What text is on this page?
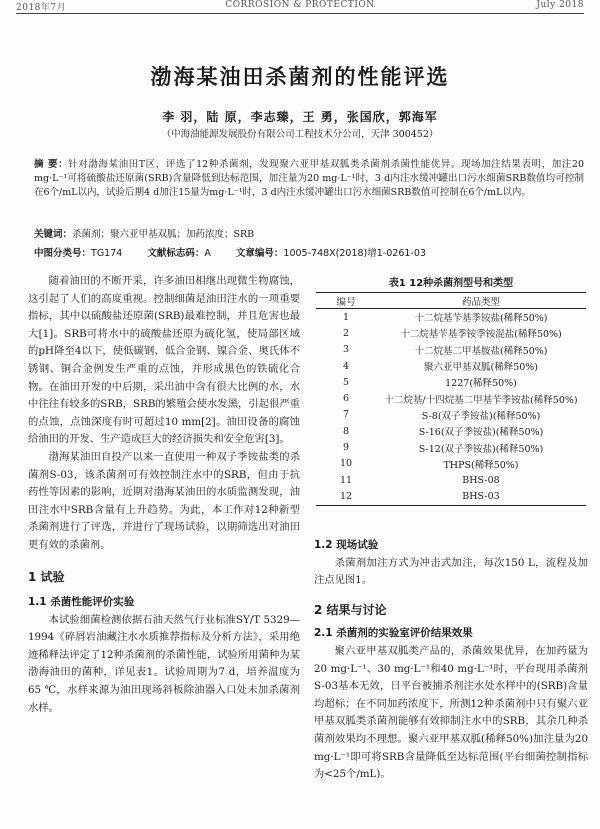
2018年7月	CORROSION & PROTECTION	July 2018
渤海某油田杀菌剂的性能评选
李 羽，陆 原，李志臻，王 勇，张国欣，郭海军
（中海油能源发展股份有限公司工程技术分公司，天津 300452）
摘 要：针对渤海某油田T区，评选了12种杀菌剂，发现聚六亚甲基双胍类杀菌剂杀菌性能优异。现场加注结果表明，加注20 mg·L⁻¹可将硫酸盐还原菌(SRB)含量降低到达标范围，加注量为20 mg·L⁻¹时，3 d内注水缓冲罐出口污水细菌SRB数值均可控制在6个/mL以内，试验后期4 d加注15量为mg·L⁻¹时，3 d内注水缓冲罐出口污水细菌SRB数值可控制在6个/mL以内。
关键词：杀菌剂；聚六亚甲基双胍；加药浓度；SRB
中图分类号：TG174	文献标志码：A	文章编号：1005-748X(2018)增1-0261-03

随着油田的不断开采，许多油田相继出现微生物腐蚀，这引起了人们的高度重视。控制细菌是油田注水的一项重要指标，其中以硫酸盐还原菌(SRB)最难控制，并且危害也最大[1]。SRB可将水中的硫酸盐还原为硫化氢，使局部区域的pH降至4以下，使低碳钢、低合金钢、镍合金、奥氏体不锈钢、铜合金例发生严重的点蚀，并形成黑色的铁硫化合物。在油田开发的中后期，采出油中含有很大比例的水，水中往往有较多的SRB，SRB的繁殖会使水发黑，引起很严重的点蚀，点蚀深度有时可超过10 mm[2]。油田设备的腐蚀给油田的开发、生产造成巨大的经济损失和安全危害[3]。

渤海某油田自投产以来一直使用一种双子季铵盐类的杀菌剂S-03，该杀菌剂可有效控制注水中的SRB，但由于抗药性等因素的影响，近期对渤海某油田的水质监测发现，油田注水中SRB含量有上升趋势。为此，本工作对12种新型杀菌剂进行了评选，并进行了现场试验，以期筛选出对油田更有效的杀菌剂。

1 试验
1.1 杀菌性能评价实验

本试验细菌检测依据石油天然气行业标准SY/T 5329—1994《碎屑岩油藏注水水质推荐指标及分析方法》，采用绝迹稀释法评定了12种杀菌剂的杀菌性能，试验所用菌种为某渤海油田的菌种，详见表1。试验周期为7 d，培养温度为65 ℃，水样来源为油田现场斜板除油器入口处未加杀菌剂水样。

表1 12种杀菌剂型号和类型
编号	药品类型
1	十二烷基苄基季铵盐(稀释50%)
2	十二烷基苄基季铵季铵混盐(稀释50%)
3	十二烷基二甲基胺盐(稀释50%)
4	聚六亚甲基双胍(稀释50%)
5	1227(稀释50%)
6	十二烷基/十四烷基二甲基苄季铵盐(稀释50%)
7	S-8(双子季铵盐)(稀释50%)
8	S-16(双子季铵盐)(稀释50%)
9	S-12(双子季铵盐)(稀释50%)
10	THPS(稀释50%)
11	BHS-08
12	BHS-03
1.2 现场试验

杀菌剂加注方式为冲击式加注，每次150 L，流程及加注点见图1。

2 结果与讨论
2.1 杀菌剂的实验室评价结果效果

聚六亚甲基双胍类产品的，杀菌效果优异，在加药量为20 mg·L⁻¹、30 mg·L⁻¹和40 mg·L⁻¹时，平台现用杀菌剂S-03基本无效，日平台被捕杀剂注水处水样中的(SRB)含量均超标；在不同加药浓度下，所测12种杀菌剂中只有聚六亚甲基双胍类杀菌剂能够有效抑制注水中的SRB，其余几种杀菌剂效果均不理想。聚六亚甲基双胍(稀释50%)加注量为20 mg·L⁻¹即可将SRB含量降低至达标范围(平台细菌控制指标为<25个/mL)。
